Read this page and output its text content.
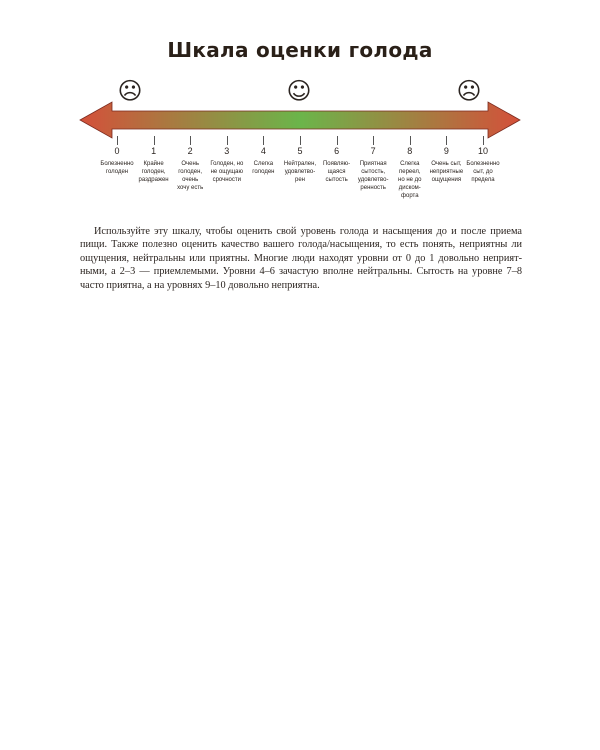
Шкала оценки голода
☹	☺	☹
0
Болезненно
голоден
1
Крайне
голоден,
раздражен
2
Очень
голоден,
очень
хочу есть
3
Голоден, но
не ощущаю
срочности
4
Слегка
голоден
5
Нейтрален,
удовлетво-
рен
6
Появляю-
щаяся
сытость
7
Приятная
сытость,
удовлетво-
ренность
8
Слегка
переел,
но не до
диском-
форта
9
Очень сыт,
неприятные
ощущения
10
Болезненно
сыт, до
предела
Используйте эту шкалу, чтобы оценить свой уровень голода и насыщения до и после приема
пищи. Также полезно оценить качество вашего голода/насыщения, то есть понять, неприятны ли
ощущения, нейтральны или приятны. Многие люди находят уровни от 0 до 1 довольно неприят-
ными, а 2–3 — приемлемыми. Уровни 4–6 зачастую вполне нейтральны. Сытость на уровне 7–8
часто приятна, а на уровнях 9–10 довольно неприятна.
